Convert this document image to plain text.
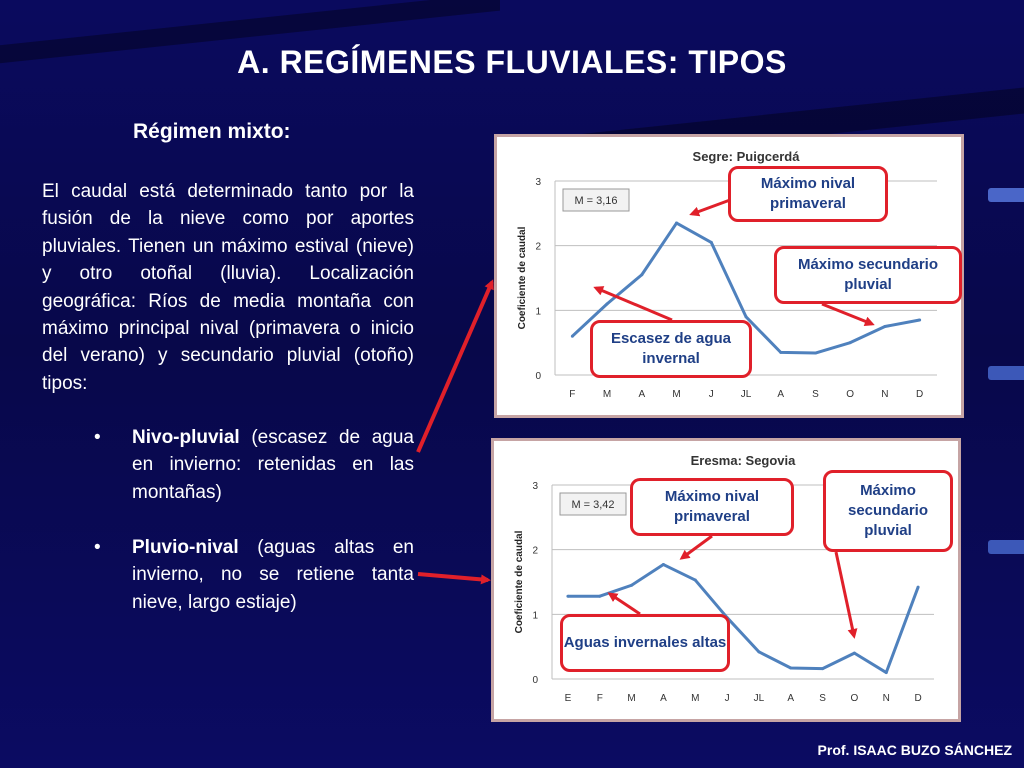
A. REGÍMENES FLUVIALES: TIPOS
Régimen mixto:
El caudal está determinado tanto por la fusión de la nieve como por aportes pluviales. Tienen un máximo estival (nieve) y otro otoñal (lluvia). Localización geográfica: Ríos de media montaña con máximo principal nival (primavera o inicio del verano) y secundario pluvial (otoño) tipos:
• Nivo-pluvial (escasez de agua en invierno: retenidas en las montañas)
• Pluvio-nival (aguas altas en invierno, no se retiene tanta nieve, largo estiaje)
Prof. ISAAC BUZO SÁNCHEZ
Segre: Puigcerdá
Coeficiente de caudal
0
1
2
3
M = 3,16
F	M	A	M	J	JL	A	S	O	N	D
Eresma: Segovia
Coeficiente de caudal
0
1
2
3
M = 3,42
E	F M A M	J JL A	S O N D
Máximo nival primaveral
Máximo secundario pluvial
Escasez de agua invernal
Máximo nival primaveral
Máximo secundario pluvial
Aguas invernales altas
